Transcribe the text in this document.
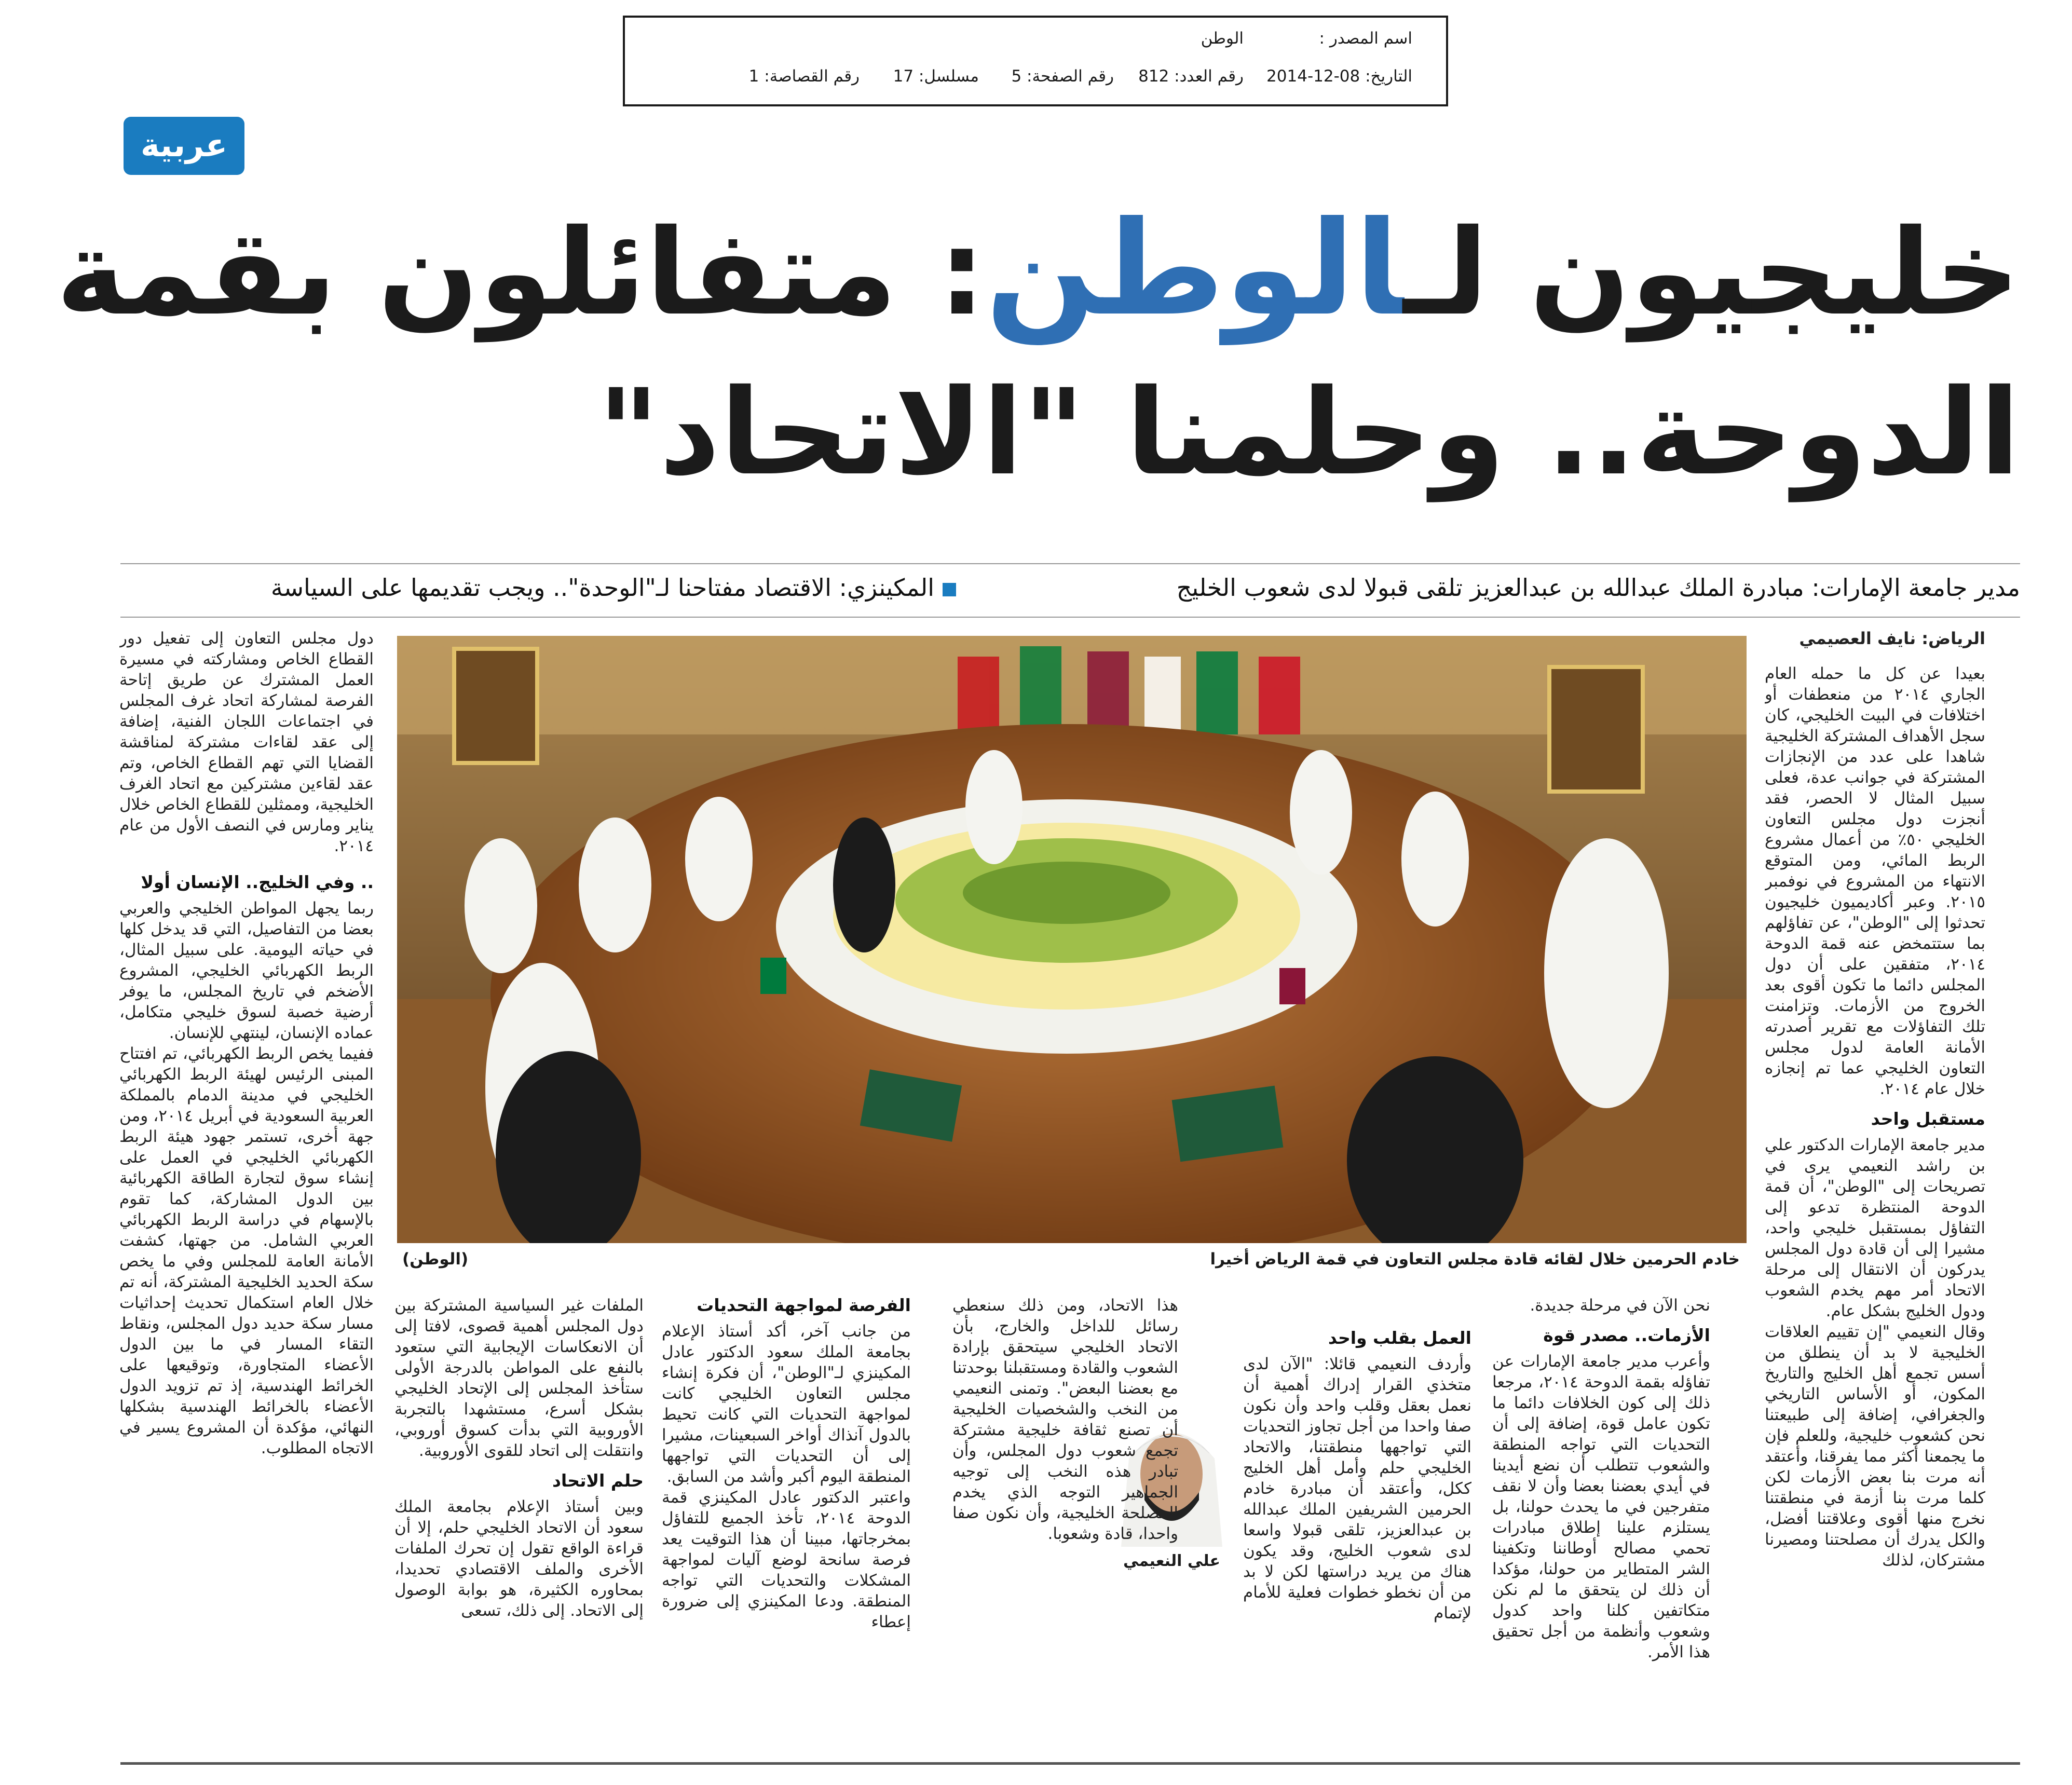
اسم المصدر :
الوطن
التاريخ: 08-12-2014
رقم العدد: 812
رقم الصفحة: 5
مسلسل: 17
رقم القصاصة: 1
عربية
خليجيون لـالوطن: متفائلون بقمة
الدوحة.. وحلمنا "الاتحاد"
مدير جامعة الإمارات: مبادرة الملك عبدالله بن عبدالعزيز تلقى قبولا لدى شعوب الخليج
المكينزي: الاقتصاد مفتاحنا لـ"الوحدة".. ويجب تقديمها على السياسة

الرياض: نايف العصيمي

بعيدا عن كل ما حمله العام الجاري ٢٠١٤ من منعطفات أو اختلافات في البيت الخليجي، كان سجل الأهداف المشتركة الخليجية شاهدا على عدد من الإنجازات المشتركة في جوانب عدة، فعلى سبيل المثال لا الحصر، فقد أنجزت دول مجلس التعاون الخليجي ٥٠٪ من أعمال مشروع الربط المائي، ومن المتوقع الانتهاء من المشروع في نوفمبر ٢٠١٥. وعبر أكاديميون خليجيون تحدثوا إلى "الوطن"، عن تفاؤلهم بما ستتمخض عنه قمة الدوحة ٢٠١٤، متفقين على أن دول المجلس دائما ما تكون أقوى بعد الخروج من الأزمات. وتزامنت تلك التفاؤلات مع تقرير أصدرته الأمانة العامة لدول مجلس التعاون الخليجي عما تم إنجازه خلال عام ٢٠١٤.

مستقبل واحد

مدير جامعة الإمارات الدكتور علي بن راشد النعيمي يرى في تصريحات إلى "الوطن"، أن قمة الدوحة المنتظرة تدعو إلى التفاؤل بمستقبل خليجي واحد، مشيرا إلى أن قادة دول المجلس يدركون أن الانتقال إلى مرحلة الاتحاد أمر مهم يخدم الشعوب ودول الخليج بشكل عام.

وقال النعيمي "إن تقييم العلاقات الخليجية لا بد أن ينطلق من أسس تجمع أهل الخليج والتاريخ المكون، أو الأساس التاريخي والجغرافي، إضافة إلى طبيعتنا نحن كشعوب خليجية، وللعلم فإن ما يجمعنا أكثر مما يفرقنا، وأعتقد أنه مرت بنا بعض الأزمات لكن كلما مرت بنا أزمة في منطقتنا نخرج منها أقوى وعلاقتنا أفضل، والكل يدرك أن مصلحتنا ومصيرنا مشتركان، لذلك

خادم الحرمين خلال لقائه قادة مجلس التعاون في قمة الرياض أخيرا
(الوطن)

نحن الآن في مرحلة جديدة.

الأزمات.. مصدر قوة

وأعرب مدير جامعة الإمارات عن تفاؤله بقمة الدوحة ٢٠١٤، مرجعا ذلك إلى كون الخلافات دائما ما تكون عامل قوة، إضافة إلى أن التحديات التي تواجه المنطقة والشعوب تتطلب أن نضع أيدينا في أيدي بعضنا بعضا وأن لا نقف متفرجين في ما يحدث حولنا، بل يستلزم علينا إطلاق مبادرات تحمي مصالح أوطاننا وتكفينا الشر المتطاير من حولنا، مؤكدا أن ذلك لن يتحقق ما لم نكن متكاتفين كلنا واحد كدول وشعوب وأنظمة من أجل تحقيق هذا الأمر.

العمل بقلب واحد

وأردف النعيمي قائلا: "الآن لدى متخذي القرار إدراك أهمية أن نعمل بعقل وقلب واحد وأن نكون صفا واحدا من أجل تجاوز التحديات التي تواجهها منطقتنا، والاتحاد الخليجي حلم وأمل أهل الخليج ككل، وأعتقد أن مبادرة خادم الحرمين الشريفين الملك عبدالله بن عبدالعزيز، تلقى قبولا واسعا لدى شعوب الخليج، وقد يكون هناك من يريد دراستها لكن لا بد من أن نخطو خطوات فعلية للأمام لإتمام

علي النعيمي

هذا الاتحاد، ومن ذلك سنعطي رسائل للداخل والخارج، بأن الاتحاد الخليجي سيتحقق بإرادة الشعوب والقادة ومستقبلنا بوحدتنا مع بعضنا البعض". وتمنى النعيمي من النخب والشخصيات الخليجية أن تصنع ثقافة خليجية مشتركة تجمع شعوب دول المجلس، وأن تبادر هذه النخب إلى توجيه الجماهير التوجه الذي يخدم المصلحة الخليجية، وأن نكون صفا واحدا، قادة وشعوبا.

الفرصة لمواجهة التحديات

من جانب آخر، أكد أستاذ الإعلام بجامعة الملك سعود الدكتور عادل المكينزي لـ"الوطن"، أن فكرة إنشاء مجلس التعاون الخليجي كانت لمواجهة التحديات التي كانت تحيط بالدول آنذاك أواخر السبعينات، مشيرا إلى أن التحديات التي تواجهها المنطقة اليوم أكبر وأشد من السابق.

واعتبر الدكتور عادل المكينزي قمة الدوحة ٢٠١٤، تأخذ الجميع للتفاؤل بمخرجاتها، مبينا أن هذا التوقيت يعد فرصة سانحة لوضع آليات لمواجهة المشكلات والتحديات التي تواجه المنطقة. ودعا المكينزي إلى ضرورة إعطاء

الملفات غير السياسية المشتركة بين دول المجلس أهمية قصوى، لافتا إلى أن الانعكاسات الإيجابية التي ستعود بالنفع على المواطن بالدرجة الأولى ستأخذ المجلس إلى الإتحاد الخليجي بشكل أسرع، مستشهدا بالتجربة الأوروبية التي بدأت كسوق أوروبي، وانتقلت إلى اتحاد للقوى الأوروبية.

حلم الاتحاد

وبين أستاذ الإعلام بجامعة الملك سعود أن الاتحاد الخليجي حلم، إلا أن قراءة الواقع تقول إن تحرك الملفات الأخرى والملف الاقتصادي تحديدا، بمحاوره الكثيرة، هو بوابة الوصول إلى الاتحاد. إلى ذلك، تسعى

دول مجلس التعاون إلى تفعيل دور القطاع الخاص ومشاركته في مسيرة العمل المشترك عن طريق إتاحة الفرصة لمشاركة اتحاد غرف المجلس في اجتماعات اللجان الفنية، إضافة إلى عقد لقاءات مشتركة لمناقشة القضايا التي تهم القطاع الخاص، وتم عقد لقاءين مشتركين مع اتحاد الغرف الخليجية، وممثلين للقطاع الخاص خلال يناير ومارس في النصف الأول من عام ٢٠١٤.

.. وفي الخليج.. الإنسان أولا

ربما يجهل المواطن الخليجي والعربي بعضا من التفاصيل، التي قد يدخل كلها في حياته اليومية. على سبيل المثال، الربط الكهربائي الخليجي، المشروع الأضخم في تاريخ المجلس، ما يوفر أرضية خصبة لسوق خليجي متكامل، عماده الإنسان، لينتهي للإنسان.

ففيما يخص الربط الكهربائي، تم افتتاح المبنى الرئيس لهيئة الربط الكهربائي الخليجي في مدينة الدمام بالمملكة العربية السعودية في أبريل ٢٠١٤، ومن جهة أخرى، تستمر جهود هيئة الربط الكهربائي الخليجي في العمل على إنشاء سوق لتجارة الطاقة الكهربائية بين الدول المشاركة، كما تقوم بالإسهام في دراسة الربط الكهربائي العربي الشامل. من جهتها، كشفت الأمانة العامة للمجلس وفي ما يخص سكة الحديد الخليجية المشتركة، أنه تم خلال العام استكمال تحديث إحداثيات مسار سكة حديد دول المجلس، ونقاط التقاء المسار في ما بين الدول الأعضاء المتجاورة، وتوقيعها على الخرائط الهندسية، إذ تم تزويد الدول الأعضاء بالخرائط الهندسية بشكلها النهائي، مؤكدة أن المشروع يسير في الاتجاه المطلوب.
